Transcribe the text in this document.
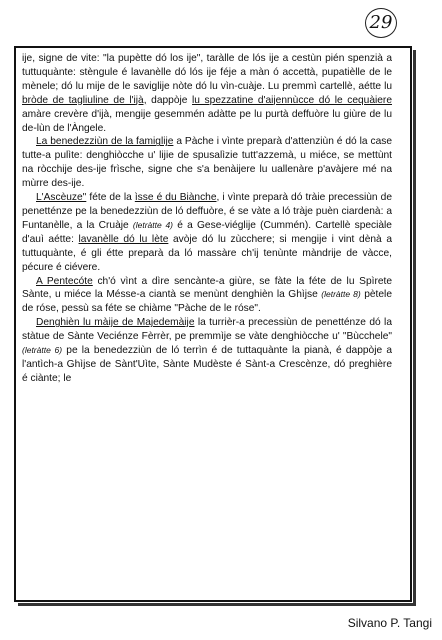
29

ije, signe de vite: "la pupètte dó los ije", taràlle de lós ije a cestùn pién spenzià a tuttuquànte: stèngule é lavanèlle dó lós ije féje a màn ó accettà, pupatièlle de le mènele; dó lu mije de le saviglije nòte dó lu vìn-cuàje. Lu premmì cartellè, aétte lu bròde de tagliuline de l'ijà, dappòje lu spezzatine d'aijennùcce dó le cequàiere amàre crevère d'ijà, mengije gesemmén adàtte pe lu purtà deffuòre lu giùre de lu de-lùn de l'Àngele.

La benedezziùn de la famiglije a Pàche i vìnte preparà d'attenziùn é dó la case tutte-a pulìte: denghiòcche u' lijie de spusalìzie tutt'azzemà, u miéce, se mettùnt na ròcchije des-ije frìsche, signe che s'a benàijere lu uallenàre p'avàjere mé na mùrre des-ije.

L'Ascèuze" féte de la ìsse é du Biànche, i vìnte preparà dó tràie precessiùn de penetténze pe la benedezziùn de ló deffuòre, é se vàte a ló tràje puèn ciardenà: a Funtanèlle, a la Cruàje (letràtte 4) é a Gese-viéglije (Cummén). Cartellè speciàle d'auì aétte: lavanèlle dó lu lète avòje dó lu zùcchere; si mengije i vint dènà a tuttuquànte, é gli étte preparà da ló massàre ch'ij tenùnte màndrije de vàcce, pécure é ciévere.

A Pentecóte ch'ó vìnt a dìre sencànte-a giùre, se fàte la féte de lu Spìrete Sànte, u miéce la Mésse-a ciantà se menùnt denghièn la Ghìjse (letràtte 8) pètele de róse, pessù sa féte se chiàme "Pàche de le róse".

Denghièn lu màije de Majedemàije la turrièr-a precessiùn de penetténze dó la stàtue de Sànte Veciénze Fèrrèr, pe premmìje se vàte denghiòcche u' "Bùcchele" (letràtte 6) pe la benedezziùn de ló terrìn é de tuttaquànte la pianà, é dappòje a l'antìch-a Ghìjse de Sànt'Uìte, Sànte Mudèste é Sànt-a Crescènze, dó preghière é ciànte; le

Silvano P. Tangi
